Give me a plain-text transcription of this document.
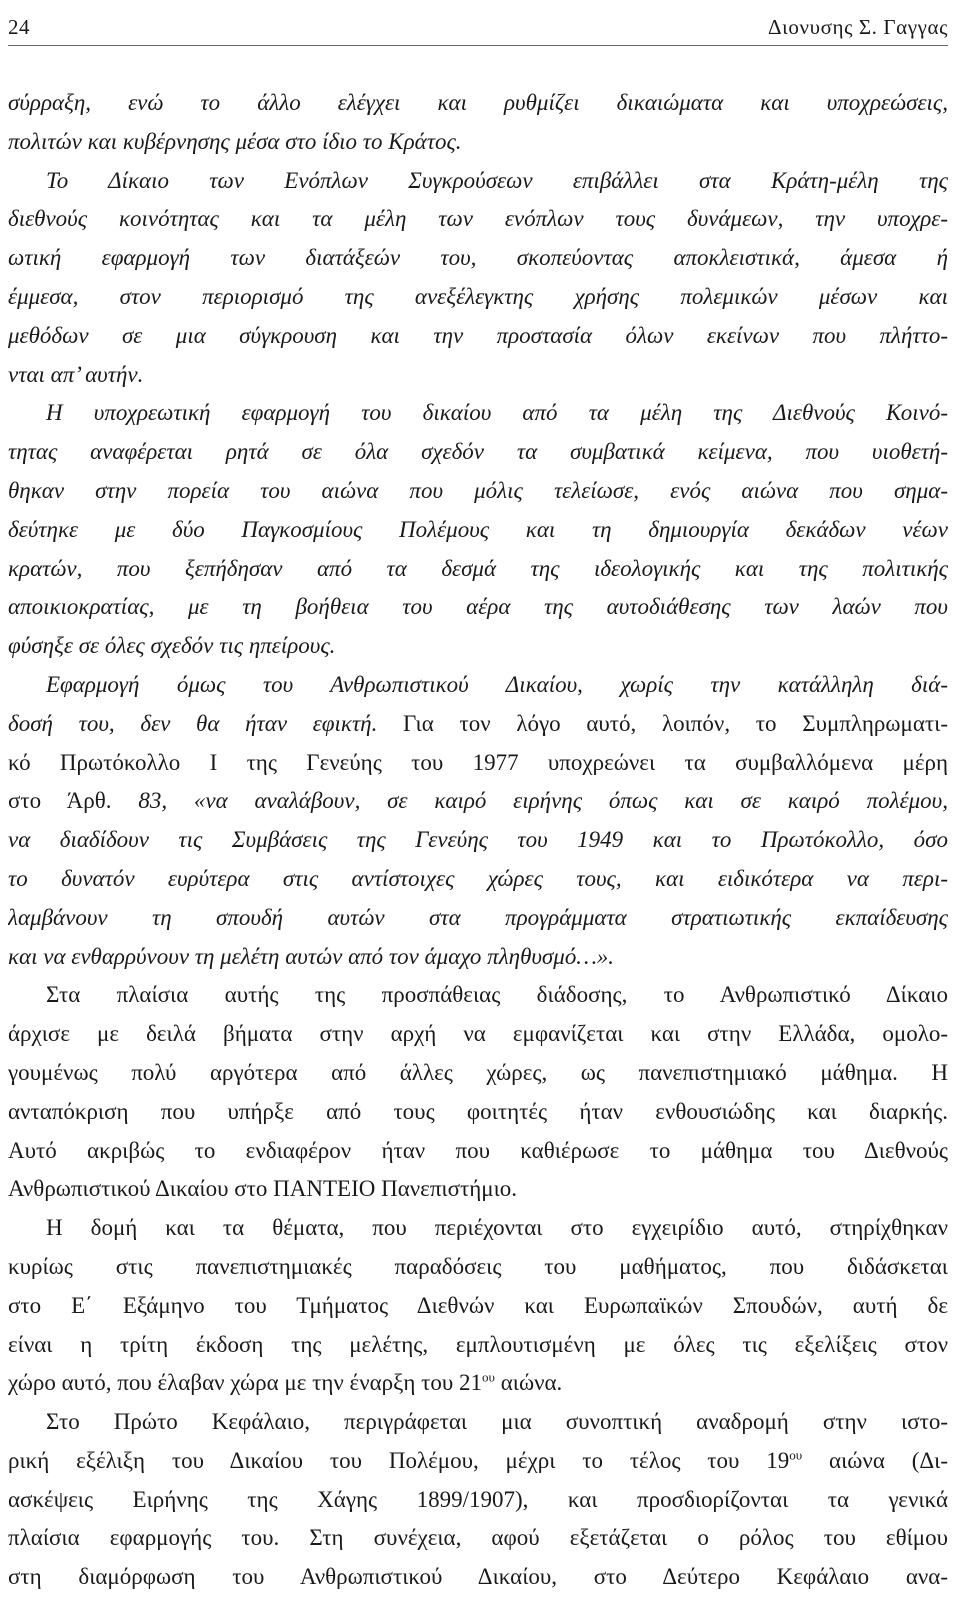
24	Διονυσης Σ. Γαγγας
σύρραξη, ενώ το άλλο ελέγχει και ρυθμίζει δικαιώματα και υποχρεώσεις,
πολιτών και κυβέρνησης μέσα στο ίδιο το Κράτος.
Το Δίκαιο των Ενόπλων Συγκρούσεων επιβάλλει στα Κράτη-μέλη της
διεθνούς κοινότητας και τα μέλη των ενόπλων τους δυνάμεων, την υποχρε-
ωτική εφαρμογή των διατάξεών του, σκοπεύοντας αποκλειστικά, άμεσα ή
έμμεσα, στον περιορισμό της ανεξέλεγκτης χρήσης πολεμικών μέσων και
μεθόδων σε μια σύγκρουση και την προστασία όλων εκείνων που πλήττο-
νται απ’ αυτήν.
Η υποχρεωτική εφαρμογή του δικαίου από τα μέλη της Διεθνούς Κοινό-
τητας αναφέρεται ρητά σε όλα σχεδόν τα συμβατικά κείμενα, που υιοθετή-
θηκαν στην πορεία του αιώνα που μόλις τελείωσε, ενός αιώνα που σημα-
δεύτηκε με δύο Παγκοσμίους Πολέμους και τη δημιουργία δεκάδων νέων
κρατών, που ξεπήδησαν από τα δεσμά της ιδεολογικής και της πολιτικής
αποικιοκρατίας, με τη βοήθεια του αέρα της αυτοδιάθεσης των λαών που
φύσηξε σε όλες σχεδόν τις ηπείρους.
Εφαρμογή όμως του Ανθρωπιστικού Δικαίου, χωρίς την κατάλληλη διά-
δοσή του, δεν θα ήταν εφικτή. Για τον λόγο αυτό, λοιπόν, το Συμπληρωματι-
κό Πρωτόκολλο Ι της Γενεύης του 1977 υποχρεώνει τα συμβαλλόμενα μέρη
στο Άρθ. 83, «να αναλάβουν, σε καιρό ειρήνης όπως και σε καιρό πολέμου,
να διαδίδουν τις Συμβάσεις της Γενεύης του 1949 και το Πρωτόκολλο, όσο
το δυνατόν ευρύτερα στις αντίστοιχες χώρες τους, και ειδικότερα να περι-
λαμβάνουν τη σπουδή αυτών στα προγράμματα στρατιωτικής εκπαίδευσης
και να ενθαρρύνουν τη μελέτη αυτών από τον άμαχο πληθυσμό…».
Στα πλαίσια αυτής της προσπάθειας διάδοσης, το Ανθρωπιστικό Δίκαιο
άρχισε με δειλά βήματα στην αρχή να εμφανίζεται και στην Ελλάδα, ομολο-
γουμένως πολύ αργότερα από άλλες χώρες, ως πανεπιστημιακό μάθημα. Η
ανταπόκριση που υπήρξε από τους φοιτητές ήταν ενθουσιώδης και διαρκής.
Αυτό ακριβώς το ενδιαφέρον ήταν που καθιέρωσε το μάθημα του Διεθνούς
Ανθρωπιστικού Δικαίου στο ΠΑΝΤΕΙΟ Πανεπιστήμιο.
Η δομή και τα θέματα, που περιέχονται στο εγχειρίδιο αυτό, στηρίχθηκαν
κυρίως στις πανεπιστημιακές παραδόσεις του μαθήματος, που διδάσκεται
στο Ε΄ Εξάμηνο του Τμήματος Διεθνών και Ευρωπαϊκών Σπουδών, αυτή δε
είναι η τρίτη έκδοση της μελέτης, εμπλουτισμένη με όλες τις εξελίξεις στον
χώρο αυτό, που έλαβαν χώρα με την έναρξη του $21^{o\upsilon}$ αιώνα.
Στο Πρώτο Κεφάλαιο, περιγράφεται μια συνοπτική αναδρομή στην ιστο-
ρική εξέλιξη του Δικαίου του Πολέμου, μέχρι το τέλος του $19^{o\upsilon}$ αιώνα (Δι-
ασκέψεις Ειρήνης της Χάγης 1899/1907), και προσδιορίζονται τα γενικά
πλαίσια εφαρμογής του. Στη συνέχεια, αφού εξετάζεται ο ρόλος του εθίμου
στη διαμόρφωση του Ανθρωπιστικού Δικαίου, στο Δεύτερο Κεφάλαιο ανα-
